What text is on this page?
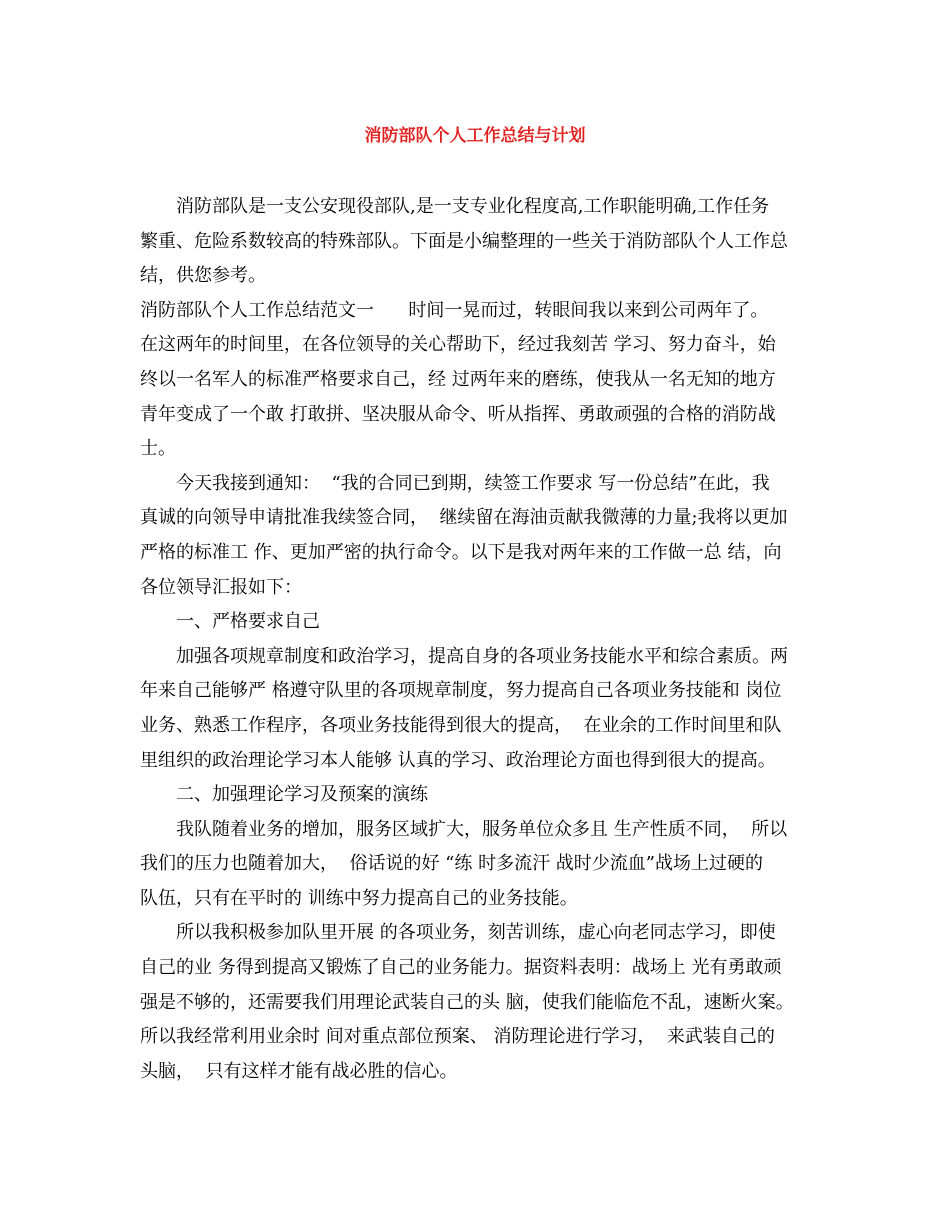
消防部队个人工作总结与计划
消防部队是一支公安现役部队,是一支专业化程度高,工作职能明确,工作任务
繁重、危险系数较高的特殊部队。下面是小编整理的一些关于消防部队个人工作总
结，供您参考。
消防部队个人工作总结范文一      时间一晃而过，转眼间我以来到公司两年了。
在这两年的时间里，在各位领导的关心帮助下，经过我刻苦 学习、努力奋斗，始
终以一名军人的标准严格要求自己，经 过两年来的磨练，使我从一名无知的地方
青年变成了一个敢 打敢拼、坚决服从命令、听从指挥、勇敢顽强的合格的消防战
士。
今天我接到通知：  “我的合同已到期，续签工作要求 写一份总结”在此，我
真诚的向领导申请批准我续签合同，  继续留在海油贡献我微薄的力量;我将以更加
严格的标准工 作、更加严密的执行命令。以下是我对两年来的工作做一总 结，向
各位领导汇报如下：
一、严格要求自己
加强各项规章制度和政治学习，提高自身的各项业务技能水平和综合素质。两
年来自己能够严 格遵守队里的各项规章制度，努力提高自己各项业务技能和 岗位
业务、熟悉工作程序，各项业务技能得到很大的提高，  在业余的工作时间里和队
里组织的政治理论学习本人能够 认真的学习、政治理论方面也得到很大的提高。
二、加强理论学习及预案的演练
我队随着业务的增加，服务区域扩大，服务单位众多且 生产性质不同，  所以
我们的压力也随着加大，  俗话说的好 “练 时多流汗 战时少流血”战场上过硬的
队伍，只有在平时的 训练中努力提高自己的业务技能。
所以我积极参加队里开展 的各项业务，刻苦训练，虚心向老同志学习，即使
自己的业 务得到提高又锻炼了自己的业务能力。据资料表明：战场上 光有勇敢顽
强是不够的，还需要我们用理论武装自己的头 脑，使我们能临危不乱，速断火案。
所以我经常利用业余时 间对重点部位预案、 消防理论进行学习，  来武装自己的
头脑，  只有这样才能有战必胜的信心。
